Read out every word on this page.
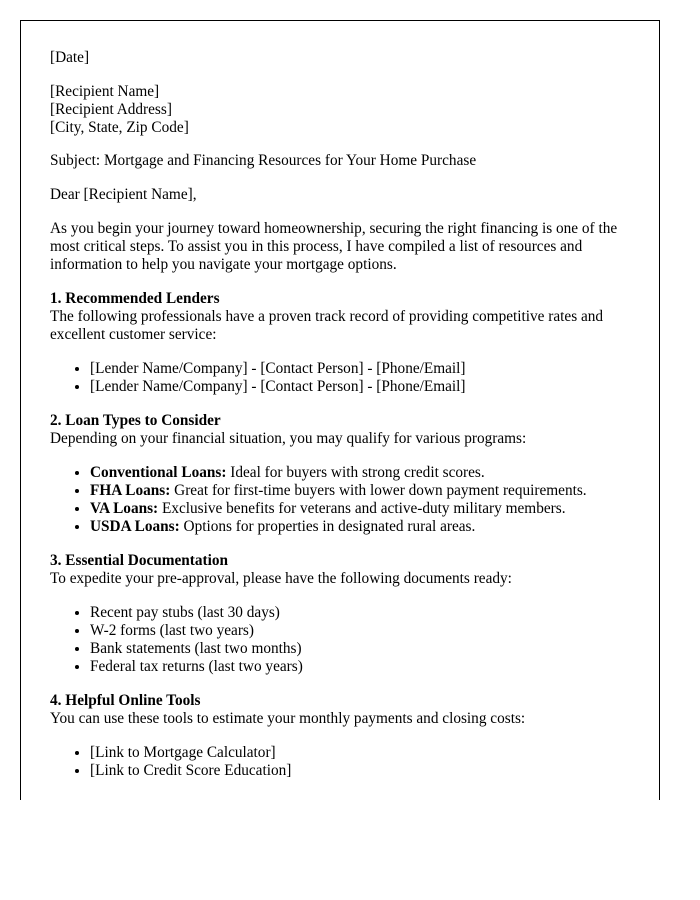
[Date]

[Recipient Name]

[Recipient Address]

[City, State, Zip Code]

Subject: Mortgage and Financing Resources for Your Home Purchase

Dear [Recipient Name],

As you begin your journey toward homeownership, securing the right financing is one of the most critical steps. To assist you in this process, I have compiled a list of resources and information to help you navigate your mortgage options.

1. Recommended Lenders

The following professionals have a proven track record of providing competitive rates and excellent customer service:

• [Lender Name/Company] - [Contact Person] - [Phone/Email]
• [Lender Name/Company] - [Contact Person] - [Phone/Email]

2. Loan Types to Consider

Depending on your financial situation, you may qualify for various programs:

• Conventional Loans: Ideal for buyers with strong credit scores.
• FHA Loans: Great for first-time buyers with lower down payment requirements.
• VA Loans: Exclusive benefits for veterans and active-duty military members.
• USDA Loans: Options for properties in designated rural areas.

3. Essential Documentation

To expedite your pre-approval, please have the following documents ready:

• Recent pay stubs (last 30 days)
• W-2 forms (last two years)
• Bank statements (last two months)
• Federal tax returns (last two years)

4. Helpful Online Tools

You can use these tools to estimate your monthly payments and closing costs:

• [Link to Mortgage Calculator]
• [Link to Credit Score Education]
